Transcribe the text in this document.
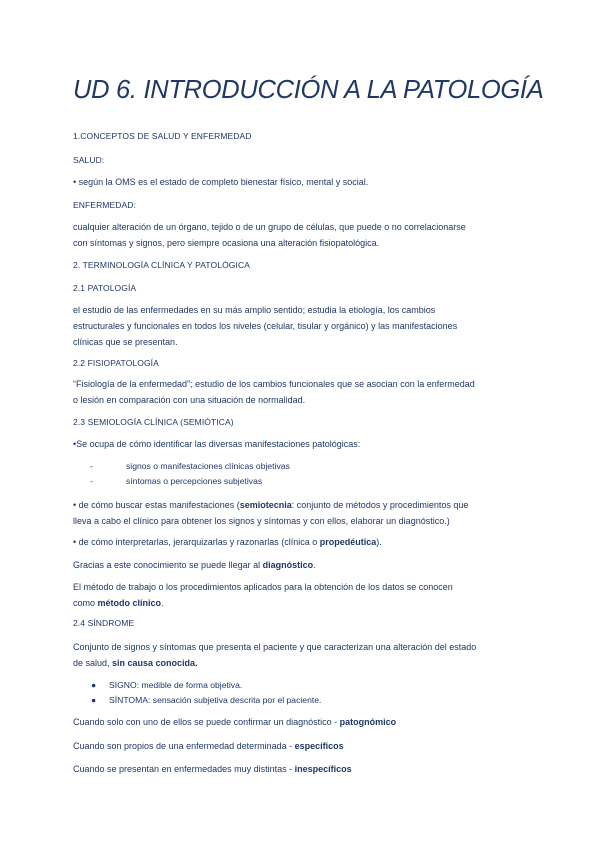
UD 6. INTRODUCCIÓN A LA PATOLOGÍA
1.CONCEPTOS DE SALUD Y ENFERMEDAD
SALUD:
• según la OMS es el estado de completo bienestar físico, mental y social.
ENFERMEDAD:
cualquier alteración de un órgano, tejido o de un grupo de células, que puede o no correlacionarse
con síntomas y signos, pero siempre ocasiona una alteración fisiopatológica.
2. TERMINOLOGÍA CLÍNICA Y PATOLÓGICA
2.1 PATOLOGÍA
el estudio de las enfermedades en su más amplio sentido; estudia la etiología, los cambios
estructurales y funcionales en todos los niveles (celular, tisular y orgánico) y las manifestaciones
clínicas que se presentan.
2.2 FISIOPATOLOGÍA
“Fisiología de la enfermedad”; estudio de los cambios funcionales que se asocian con la enfermedad
o lesión en comparación con una situación de normalidad.
2.3 SEMIOLOGÍA CLÍNICA (SEMIÓTICA)
•Se ocupa de cómo identificar las diversas manifestaciones patológicas:
-	signos o manifestaciones clínicas objetivas
-	síntomas o percepciones subjetivas
• de cómo buscar estas manifestaciones (semiotecnia: conjunto de métodos y procedimientos que
lleva a cabo el clínico para obtener los signos y síntomas y con ellos, elaborar un diagnóstico.)
• de cómo interpretarlas, jerarquizarlas y razonarlas (clínica o propedéutica).
Gracias a este conocimiento se puede llegar al diagnóstico.
El método de trabajo o los procedimientos aplicados para la obtención de los datos se conocen
como método clínico.
2.4 SÍNDROME
Conjunto de signos y síntomas que presenta el paciente y que caracterizan una alteración del estado
de salud, sin causa conocida.
● SIGNO: medible de forma objetiva.
● SÍNTOMA: sensación subjetiva descrita por el paciente.
Cuando solo con uno de ellos se puede confirmar un diagnóstico - patognómico
Cuando son propios de una enfermedad determinada - específicos
Cuando se presentan en enfermedades muy distintas - inespecíficos
